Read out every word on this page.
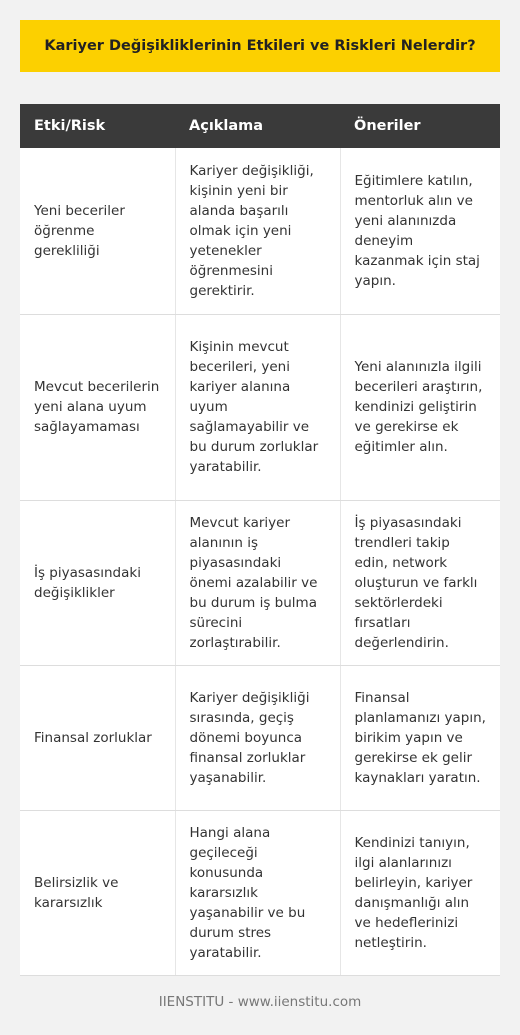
Kariyer Değişikliklerinin Etkileri ve Riskleri Nelerdir?
Etki/Risk	Açıklama	Öneriler
Yeni beceriler öğrenme gerekliliği	Kariyer değişikliği, kişinin yeni bir alanda başarılı olmak için yeni yetenekler öğrenmesini gerektirir.	Eğitimlere katılın, mentorluk alın ve yeni alanınızda deneyim kazanmak için staj yapın.
Mevcut becerilerin yeni alana uyum sağlayamaması	Kişinin mevcut becerileri, yeni kariyer alanına uyum sağlamayabilir ve bu durum zorluklar yaratabilir.	Yeni alanınızla ilgili becerileri araştırın, kendinizi geliştirin ve gerekirse ek eğitimler alın.
İş piyasasındaki değişiklikler	Mevcut kariyer alanının iş piyasasındaki önemi azalabilir ve bu durum iş bulma sürecini zorlaştırabilir.	İş piyasasındaki trendleri takip edin, network oluşturun ve farklı sektörlerdeki fırsatları değerlendirin.
Finansal zorluklar	Kariyer değişikliği sırasında, geçiş dönemi boyunca finansal zorluklar yaşanabilir.	Finansal planlamanızı yapın, birikim yapın ve gerekirse ek gelir kaynakları yaratın.
Belirsizlik ve kararsızlık	Hangi alana geçileceği konusunda kararsızlık yaşanabilir ve bu durum stres yaratabilir.	Kendinizi tanıyın, ilgi alanlarınızı belirleyin, kariyer danışmanlığı alın ve hedeflerinizi netleştirin.
IIENSTITU - www.iienstitu.com
